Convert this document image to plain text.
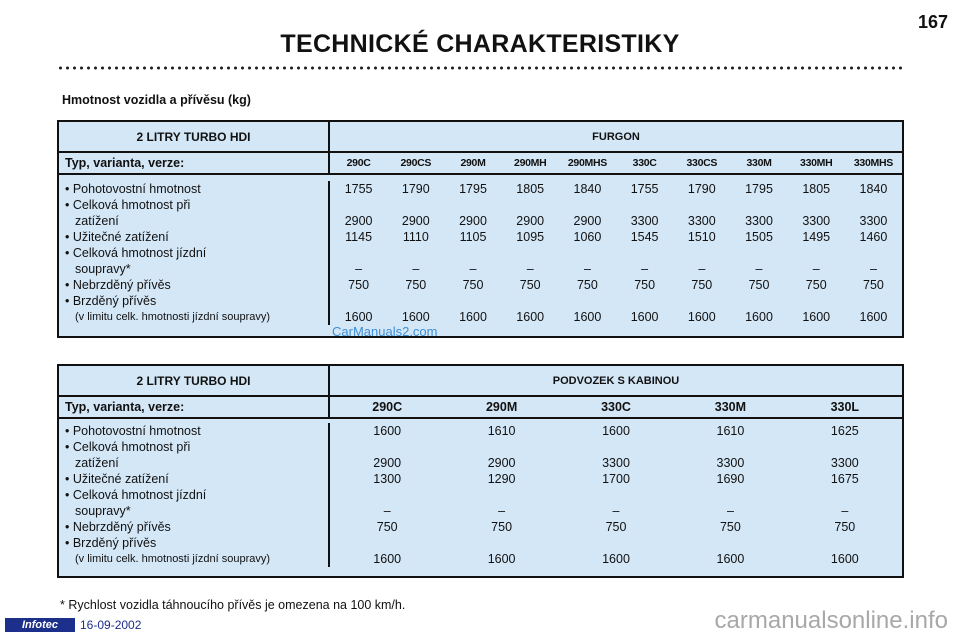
167
TECHNICKÉ CHARAKTERISTIKY
Hmotnost vozidla a přívěsu (kg)
2 LITRY TURBO HDI	FURGON
Typ, varianta, verze:	290C	290CS	290M	290MH	290MHS	330C	330CS	330M	330MH	330MHS
• Pohotovostní hmotnost	1755	1790	1795	1805	1840	1755	1790	1795	1805	1840
• Celková hmotnost při
zatížení	2900	2900	2900	2900	2900	3300	3300	3300	3300	3300
• Užitečné zatížení	1145	1110	1105	1095	1060	1545	1510	1505	1495	1460
• Celková hmotnost jízdní
soupravy*	–	–	–	–	–	–	–	–	–	–
• Nebrzděný přívěs	750	750	750	750	750	750	750	750	750	750
• Brzděný přívěs
(v limitu celk. hmotnosti jízdní soupravy)	1600	1600	1600	1600	1600	1600	1600	1600	1600	1600
CarManuals2.com
2 LITRY TURBO HDI	PODVOZEK S KABINOU
Typ, varianta, verze:	290C	290M	330C	330M	330L
• Pohotovostní hmotnost	1600	1610	1600	1610	1625
• Celková hmotnost při
zatížení	2900	2900	3300	3300	3300
• Užitečné zatížení	1300	1290	1700	1690	1675
• Celková hmotnost jízdní
soupravy*	–	–	–	–	–
• Nebrzděný přívěs	750	750	750	750	750
• Brzděný přívěs
(v limitu celk. hmotnosti jízdní soupravy)	1600	1600	1600	1600	1600
* Rychlost vozidla táhnoucího přívěs je omezena na 100 km/h.
Infotec	16-09-2002	carmanualsonline.info
